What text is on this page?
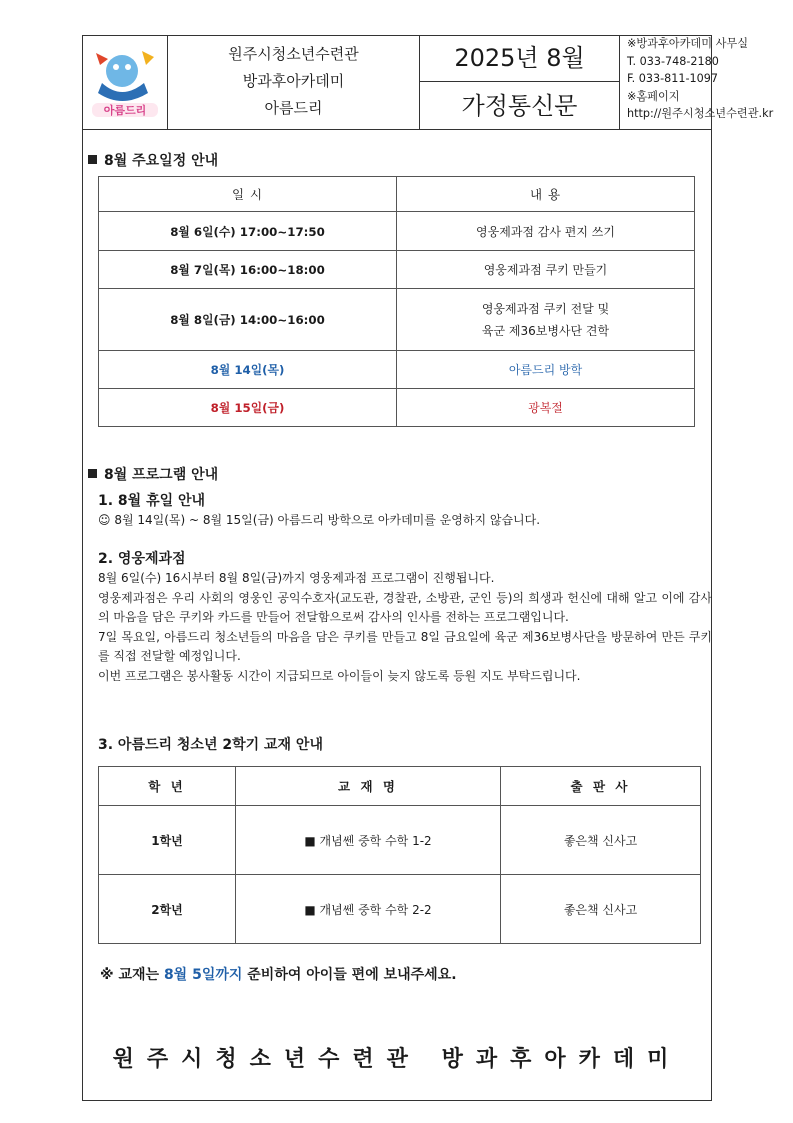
아름드리
원주시청소년수련관
방과후아카데미
아름드리
2025년 8월
가정통신문
※방과후아카데미 사무실
T. 033-748-2180
F. 033-811-1097
※홈페이지
http://원주시청소년수련관.kr
8월 주요일정 안내
일 시	내 용
8월 6일(수) 17:00~17:50	영웅제과점 감사 편지 쓰기
8월 7일(목) 16:00~18:00	영웅제과점 쿠키 만들기
8월 8일(금) 14:00~16:00	영웅제과점 쿠키 전달 및
육군 제36보병사단 견학

8월 14일(목)	아름드리 방학
8월 15일(금)	광복절
8월 프로그램 안내
1. 8월 휴일 안내
☺ 8월 14일(목) ~ 8월 15일(금) 아름드리 방학으로 아카데미를 운영하지 않습니다.
2. 영웅제과점
8월 6일(수) 16시부터 8월 8일(금)까지 영웅제과점 프로그램이 진행됩니다.
영웅제과점은 우리 사회의 영웅인 공익수호자(교도관, 경찰관, 소방관, 군인 등)의 희생과 헌신에 대해 알고 이에 감사의 마음을 담은 쿠키와 카드를 만들어 전달함으로써 감사의 인사를 전하는 프로그램입니다.
7일 목요일, 아름드리 청소년들의 마음을 담은 쿠키를 만들고 8일 금요일에 육군 제36보병사단을 방문하여 만든 쿠키를 직접 전달할 예정입니다.
이번 프로그램은 봉사활동 시간이 지급되므로 아이들이 늦지 않도록 등원 지도 부탁드립니다.
3. 아름드리 청소년 2학기 교재 안내
학 년	교 재 명	출 판 사
1학년	■ 개념쎈 중학 수학 1-2	좋은책 신사고
2학년	■ 개념쎈 중학 수학 2-2	좋은책 신사고
※ 교재는 8월 5일까지 준비하여 아이들 편에 보내주세요.
원주시청소년수련관 방과후아카데미
